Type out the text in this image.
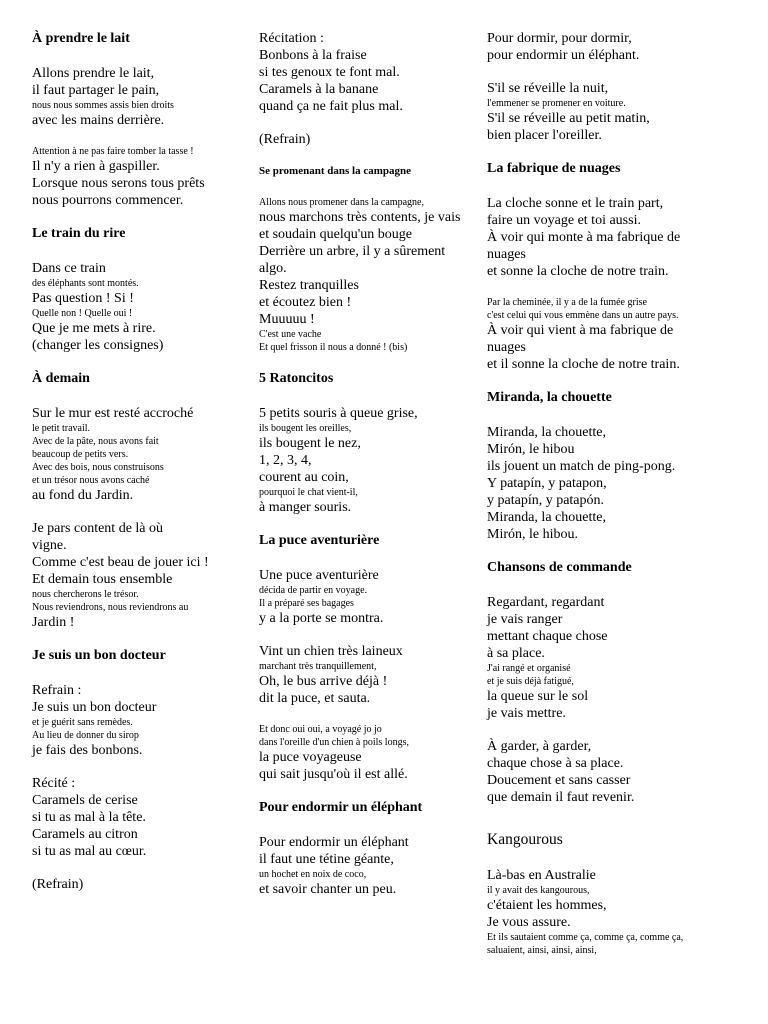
À prendre le lait
Allons prendre le lait,
il faut partager le pain,
nous nous sommes assis bien droits
avec les mains derrière.
Attention à ne pas faire tomber la tasse !
Il n'y a rien à gaspiller.
Lorsque nous serons tous prêts
nous pourrons commencer.
Le train du rire
Dans ce train
des éléphants sont montés.
Pas question ! Si !
Quelle non ! Quelle oui !
Que je me mets à rire.
(changer les consignes)
À demain
Sur le mur est resté accroché
le petit travail.
Avec de la pâte, nous avons fait
beaucoup de petits vers.
Avec des bois, nous construisons
et un trésor nous avons caché
au fond du Jardin.
Je pars content de là où
vigne.
Comme c'est beau de jouer ici !
Et demain tous ensemble
nous chercherons le trésor.
Nous reviendrons, nous reviendrons au
Jardin !
Je suis un bon docteur
Refrain :
Je suis un bon docteur
et je guérit sans remèdes.
Au lieu de donner du sirop
je fais des bonbons.
Récité :
Caramels de cerise
si tu as mal à la tête.
Caramels au citron
si tu as mal au cœur.
(Refrain)
Récitation :
Bonbons à la fraise
si tes genoux te font mal.
Caramels à la banane
quand ça ne fait plus mal.
(Refrain)
Se promenant dans la campagne
Allons nous promener dans la campagne,
nous marchons très contents, je vais
et soudain quelqu'un bouge
Derrière un arbre, il y a sûrement
algo.
Restez tranquilles
et écoutez bien !
Muuuuu !
C'est une vache
Et quel frisson il nous a donné ! (bis)
5 Ratoncitos
5 petits souris à queue grise,
ils bougent les oreilles,
ils bougent le nez,
1, 2, 3, 4,
courent au coin,
pourquoi le chat vient-il,
à manger souris.
La puce aventurière
Une puce aventurière
décida de partir en voyage.
Il a préparé ses bagages
y a la porte se montra.
Vint un chien très laineux
marchant très tranquillement,
Oh, le bus arrive déjà !
dit la puce, et sauta.
Et donc oui oui, a voyagé jo jo
dans l'oreille d'un chien à poils longs,
la puce voyageuse
qui sait jusqu'où il est allé.
Pour endormir un éléphant
Pour endormir un éléphant
il faut une tétine géante,
un hochet en noix de coco,
et savoir chanter un peu.
Pour dormir, pour dormir,
pour endormir un éléphant.
S'il se réveille la nuit,
l'emmener se promener en voiture.
S'il se réveille au petit matin,
bien placer l'oreiller.
La fabrique de nuages
La cloche sonne et le train part,
faire un voyage et toi aussi.
À voir qui monte à ma fabrique de
nuages
et sonne la cloche de notre train.
Par la cheminée, il y a de la fumée grise
c'est celui qui vous emmène dans un autre pays.
À voir qui vient à ma fabrique de
nuages
et il sonne la cloche de notre train.
Miranda, la chouette
Miranda, la chouette,
Mirón, le hibou
ils jouent un match de ping-pong.
Y patapín, y patapon,
y patapín, y patapón.
Miranda, la chouette,
Mirón, le hibou.
Chansons de commande
Regardant, regardant
je vais ranger
mettant chaque chose
à sa place.
J'ai rangé et organisé
et je suis déjà fatigué,
la queue sur le sol
je vais mettre.
À garder, à garder,
chaque chose à sa place.
Doucement et sans casser
que demain il faut revenir.
Kangourous
Là-bas en Australie
il y avait des kangourous,
c'étaient les hommes,
Je vous assure.
Et ils sautaient comme ça, comme ça, comme ça,
saluaient, ainsi, ainsi, ainsi,
